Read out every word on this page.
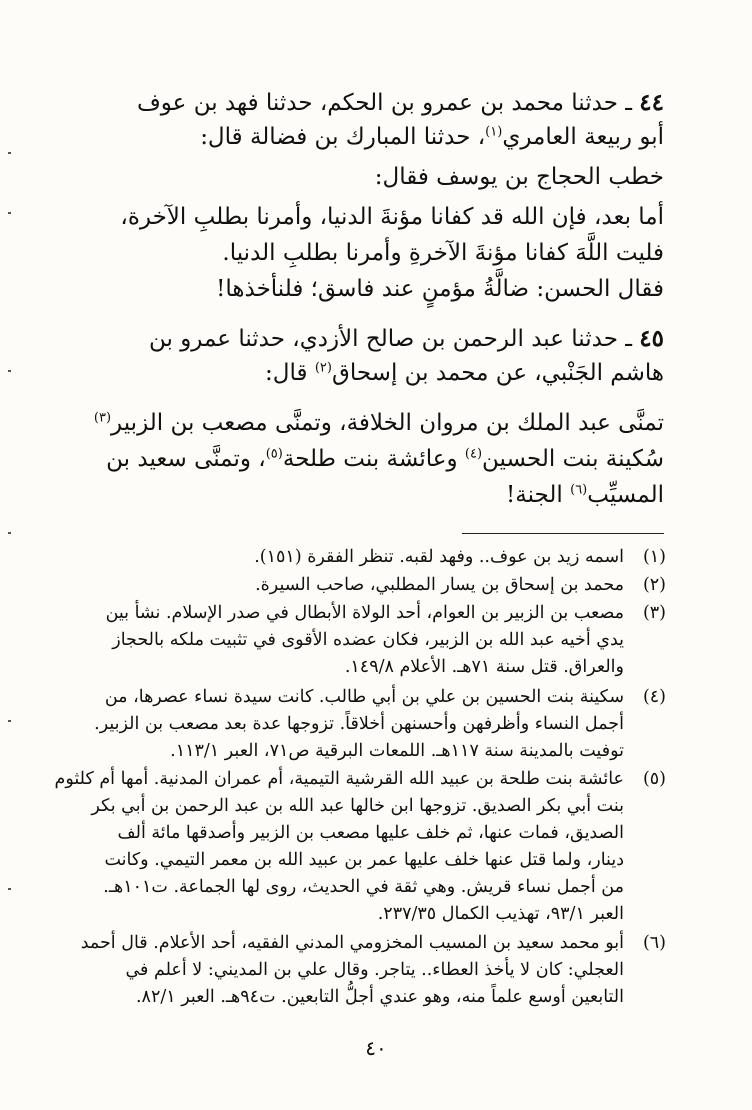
٤٤ ـ حدثنا محمد بن عمرو بن الحكم، حدثنا فهد بن عوف
أبو ربيعة العامري$^{(١)}$، حدثنا المبارك بن فضالة قال:
خطب الحجاج بن يوسف فقال:
أما بعد، فإن الله قد كفانا مؤنةَ الدنيا، وأمرنا بطلبِ الآخرة،
فليت اللَّهَ كفانا مؤنةَ الآخرةِ وأمرنا بطلبِ الدنيا.
فقال الحسن: ضالَّةُ مؤمنٍ عند فاسق؛ فلنأخذها!
٤٥ ـ حدثنا عبد الرحمن بن صالح الأزدي، حدثنا عمرو بن
هاشم الجَنْبي، عن محمد بن إسحاق$^{(٢)}$ قال:
تمنَّى عبد الملك بن مروان الخلافة، وتمنَّى مصعب بن الزبير$^{(٣)}$
سُكينة بنت الحسين$^{(٤)}$ وعائشة بنت طلحة$^{(٥)}$، وتمنَّى سعيد بن
المسيِّب$^{(٦)}$ الجنة!
(١)
اسمه زيد بن عوف.. وفهد لقبه. تنظر الفقرة (١٥١).
(٢)
محمد بن إسحاق بن يسار المطلبي، صاحب السيرة.
(٣)
مصعب بن الزبير بن العوام، أحد الولاة الأبطال في صدر الإسلام. نشأ بين
يدي أخيه عبد الله بن الزبير، فكان عضده الأقوى في تثبيت ملكه بالحجاز
والعراق. قتل سنة ٧١هـ. الأعلام ١٤٩/٨.
(٤)
سكينة بنت الحسين بن علي بن أبي طالب. كانت سيدة نساء عصرها، من
أجمل النساء وأظرفهن وأحسنهن أخلاقاً. تزوجها عدة بعد مصعب بن الزبير.
توفيت بالمدينة سنة ١١٧هـ. اللمعات البرقية ص٧١، العبر ١١٣/١.
(٥)
عائشة بنت طلحة بن عبيد الله القرشية التيمية، أم عمران المدنية. أمها أم كلثوم
بنت أبي بكر الصديق. تزوجها ابن خالها عبد الله بن عبد الرحمن بن أبي بكر
الصديق، فمات عنها، ثم خلف عليها مصعب بن الزبير وأصدقها مائة ألف
دينار، ولما قتل عنها خلف عليها عمر بن عبيد الله بن معمر التيمي. وكانت
من أجمل نساء قريش. وهي ثقة في الحديث، روى لها الجماعة. ت١٠١هـ.
العبر ٩٣/١، تهذيب الكمال ٢٣٧/٣٥.
(٦)
أبو محمد سعيد بن المسيب المخزومي المدني الفقيه، أحد الأعلام. قال أحمد
العجلي: كان لا يأخذ العطاء.. يتاجر. وقال علي بن المديني: لا أعلم في
التابعين أوسع علماً منه، وهو عندي أجلُّ التابعين. ت٩٤هـ. العبر ٨٢/١.
٤٠
